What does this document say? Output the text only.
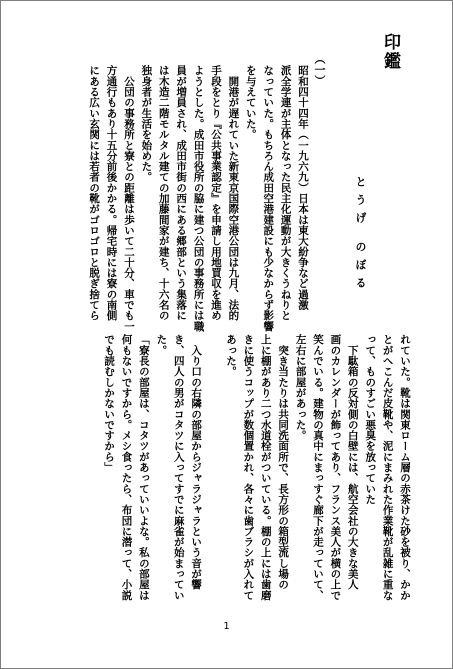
印鑑
とうげ のぼる
（一）
昭和四十四年（一九六九）日本は東大紛争など過激
派全学連が主体となった民主化運動が大きくうねりと
なっていた。もちろん成田空港建設にも少なからず影響
を与えていた。
　開港が遅れていた新東京国際空港公団は九月、法的
手段をとり『公共事業認定』を申請し用地買収を進め
ようとした。成田市役所の脇に建つ公団の事務所には職
員が増員され、成田市街の西にある郷部という集落に
は木造二階モルタル建ての加藤間家が建ち、十六名の
独身者が生活を始めた。
　公団の事務所と寮との距離は歩いて二十分、車でも一
方通行もあり十五分前後かかる。帰宅時には寮の南側
にある広い玄関には若者の靴がゴロゴロと脱ぎ捨てら
れていた。靴は関東ローム層の赤茶けた砂を被り、かか
とがへこんだ皮靴や、泥にまみれた作業靴が乱雑に重な
って、ものすごい悪臭を放っていた
　下駄箱の反対側の白壁には、航空会社の大きな美人
画のカレンダーが飾ってあり、フランス美人が横の上で
笑んでいる。建物の真中にまっすぐ廊下が走っていて、
左右に部屋があった。
　突き当たりは共同洗面所で、長方形の箱型流し場の
上に棚があり二つ水道栓がついている。棚の上には歯磨
きに使うコップが数個置かれ、各々に歯ブラシが入れて
あった。

　入り口の右隣の部屋からジャラジャラという音が響
き、四人の男がコタツに入ってすでに麻雀が始まってい
た。
「寮長の部屋は、コタツがあっていいよな。私の部屋は
何もないですから。メシ食ったら、布団に潜って、小説
でも読むしかないですから」
1
